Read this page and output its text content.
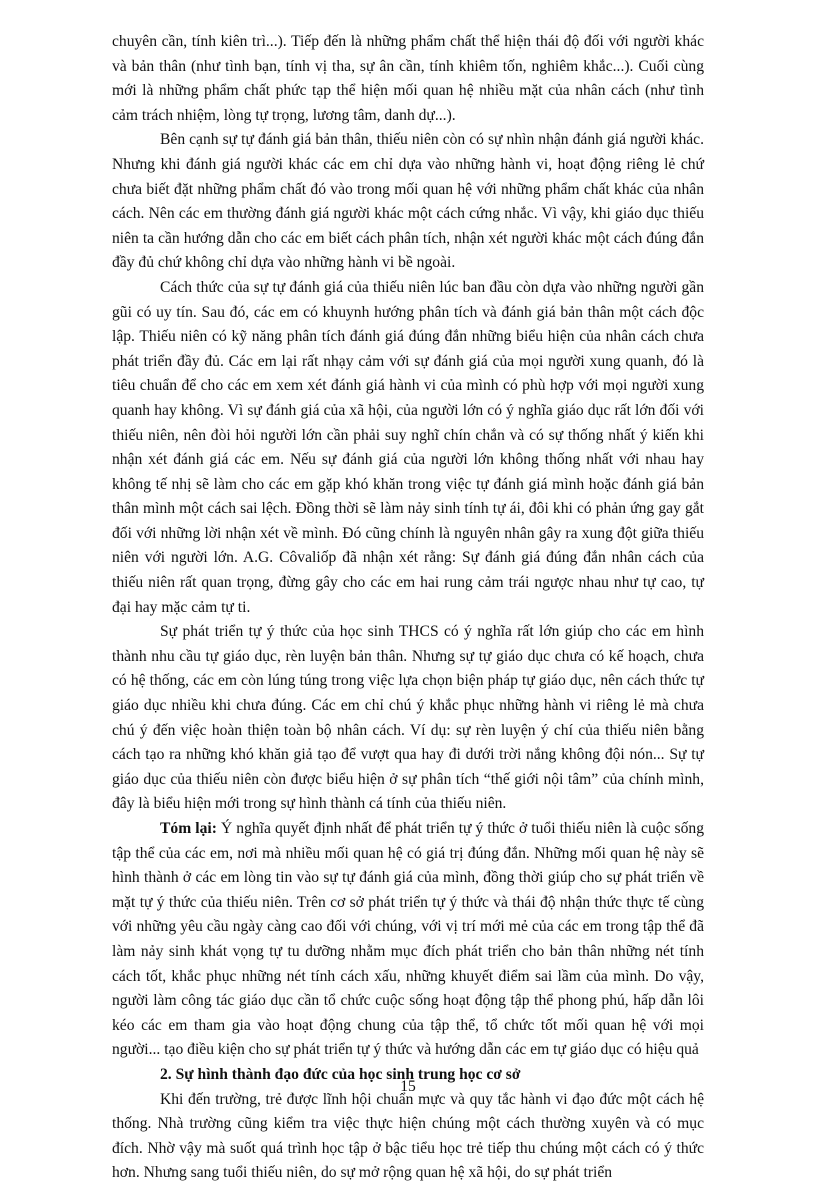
chuyên cần, tính kiên trì...). Tiếp đến là những phẩm chất thể hiện thái độ đối với người khác và bản thân (như tình bạn, tính vị tha, sự ân cần, tính khiêm tốn, nghiêm khắc...). Cuối cùng mới là những phẩm chất phức tạp thể hiện mối quan hệ nhiều mặt của nhân cách (như tình cảm trách nhiệm, lòng tự trọng, lương tâm, danh dự...).

Bên cạnh sự tự đánh giá bản thân, thiếu niên còn có sự nhìn nhận đánh giá người khác. Nhưng khi đánh giá người khác các em chỉ dựa vào những hành vi, hoạt động riêng lẻ chứ chưa biết đặt những phẩm chất đó vào trong mối quan hệ với những phẩm chất khác của nhân cách. Nên các em thường đánh giá người khác một cách cứng nhắc. Vì vậy, khi giáo dục thiếu niên ta cần hướng dẫn cho các em biết cách phân tích, nhận xét người khác một cách đúng đắn đầy đủ chứ không chỉ dựa vào những hành vi bề ngoài.

Cách thức của sự tự đánh giá của thiếu niên lúc ban đầu còn dựa vào những người gần gũi có uy tín. Sau đó, các em có khuynh hướng phân tích và đánh giá bản thân một cách độc lập. Thiếu niên có kỹ năng phân tích đánh giá đúng đắn những biểu hiện của nhân cách chưa phát triển đầy đủ. Các em lại rất nhạy cảm với sự đánh giá của mọi người xung quanh, đó là tiêu chuẩn để cho các em xem xét đánh giá hành vi của mình có phù hợp với mọi người xung quanh hay không. Vì sự đánh giá của xã hội, của người lớn có ý nghĩa giáo dục rất lớn đối với thiếu niên, nên đòi hỏi người lớn cần phải suy nghĩ chín chắn và có sự thống nhất ý kiến khi nhận xét đánh giá các em. Nếu sự đánh giá của người lớn không thống nhất với nhau hay không tế nhị sẽ làm cho các em gặp khó khăn trong việc tự đánh giá mình hoặc đánh giá bản thân mình một cách sai lệch. Đồng thời sẽ làm nảy sinh tính tự ái, đôi khi có phản ứng gay gắt đối với những lời nhận xét về mình. Đó cũng chính là nguyên nhân gây ra xung đột giữa thiếu niên với người lớn. A.G. Côvaliốp đã nhận xét rằng: Sự đánh giá đúng đắn nhân cách của thiếu niên rất quan trọng, đừng gây cho các em hai rung cảm trái ngược nhau như tự cao, tự đại hay mặc cảm tự ti.

Sự phát triển tự ý thức của học sinh THCS có ý nghĩa rất lớn giúp cho các em hình thành nhu cầu tự giáo dục, rèn luyện bản thân. Nhưng sự tự giáo dục chưa có kế hoạch, chưa có hệ thống, các em còn lúng túng trong việc lựa chọn biện pháp tự giáo dục, nên cách thức tự giáo dục nhiều khi chưa đúng. Các em chỉ chú ý khắc phục những hành vi riêng lẻ mà chưa chú ý đến việc hoàn thiện toàn bộ nhân cách. Ví dụ: sự rèn luyện ý chí của thiếu niên bằng cách tạo ra những khó khăn giả tạo để vượt qua hay đi dưới trời nắng không đội nón... Sự tự giáo dục của thiếu niên còn được biểu hiện ở sự phân tích “thế giới nội tâm” của chính mình, đây là biểu hiện mới trong sự hình thành cá tính của thiếu niên.

Tóm lại: Ý nghĩa quyết định nhất để phát triển tự ý thức ở tuổi thiếu niên là cuộc sống tập thể của các em, nơi mà nhiều mối quan hệ có giá trị đúng đắn. Những mối quan hệ này sẽ hình thành ở các em lòng tin vào sự tự đánh giá của mình, đồng thời giúp cho sự phát triển về mặt tự ý thức của thiếu niên. Trên cơ sở phát triển tự ý thức và thái độ nhận thức thực tế cùng với những yêu cầu ngày càng cao đối với chúng, với vị trí mới mẻ của các em trong tập thể đã làm nảy sinh khát vọng tự tu dưỡng nhằm mục đích phát triển cho bản thân những nét tính cách tốt, khắc phục những nét tính cách xấu, những khuyết điểm sai lầm của mình. Do vậy, người làm công tác giáo dục cần tổ chức cuộc sống hoạt động tập thể phong phú, hấp dẫn lôi kéo các em tham gia vào hoạt động chung của tập thể, tổ chức tốt mối quan hệ với mọi người... tạo điều kiện cho sự phát triển tự ý thức và hướng dẫn các em tự giáo dục có hiệu quả

2. Sự hình thành đạo đức của học sinh trung học cơ sở

Khi đến trường, trẻ được lĩnh hội chuẩn mực và quy tắc hành vi đạo đức một cách hệ thống. Nhà trường cũng kiểm tra việc thực hiện chúng một cách thường xuyên và có mục đích. Nhờ vậy mà suốt quá trình học tập ở bậc tiểu học trẻ tiếp thu chúng một cách có ý thức hơn. Nhưng sang tuổi thiếu niên, do sự mở rộng quan hệ xã hội, do sự phát triển

15
